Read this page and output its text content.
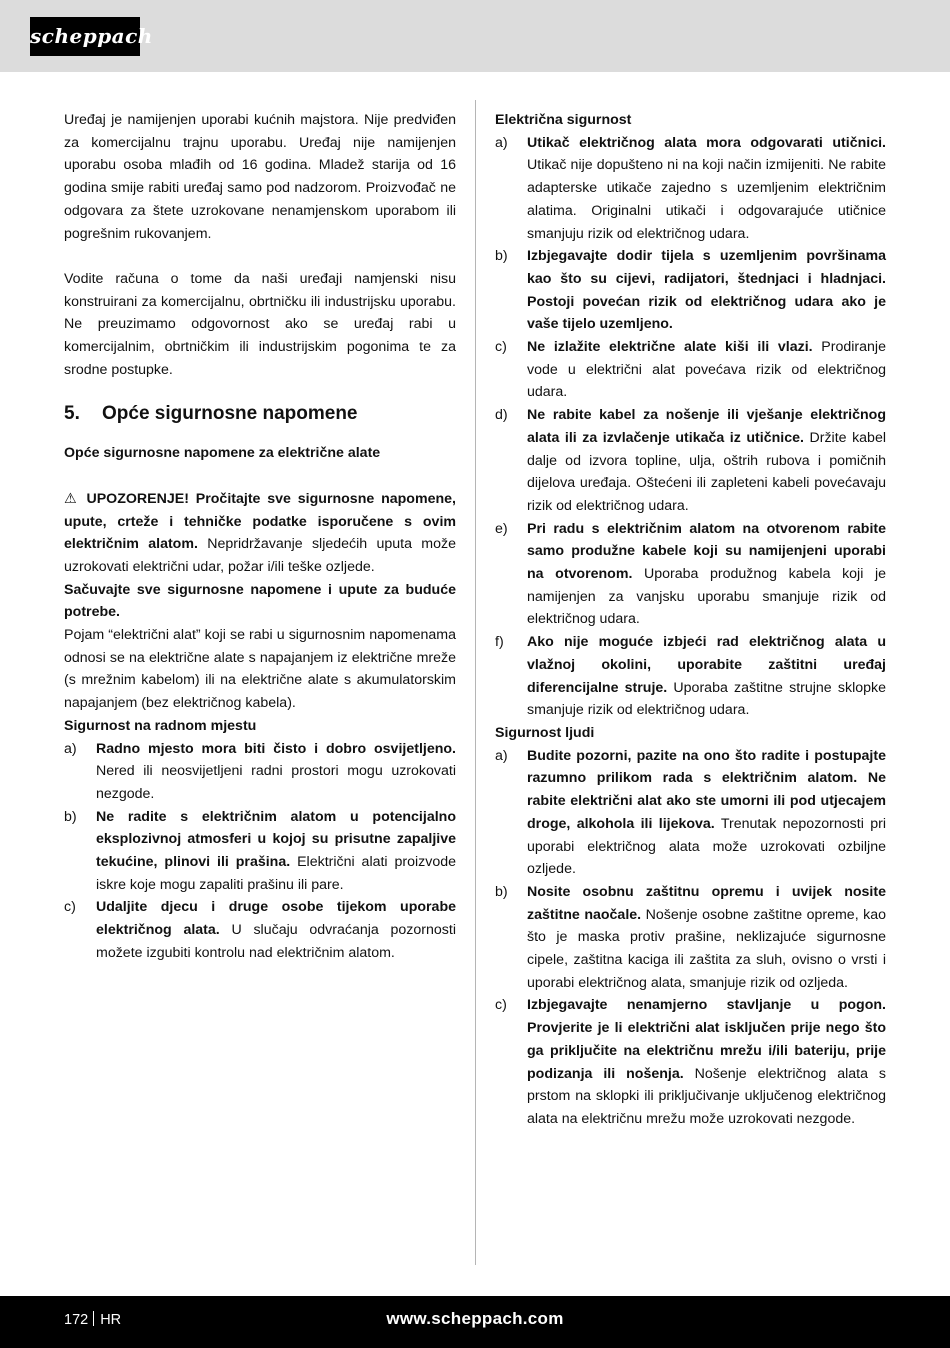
scheppach

Uređaj je namijenjen uporabi kućnih majstora. Nije predviđen za komercijalnu trajnu uporabu. Uređaj nije namijenjen uporabu osoba mlađih od 16 godina. Mladež starija od 16 godina smije rabiti uređaj samo pod nadzorom. Proizvođač ne odgovara za štete uzrokovane nenamjenskom uporabom ili pogrešnim rukovanjem.

Vodite računa o tome da naši uređaji namjenski nisu konstruirani za komercijalnu, obrtničku ili industrijsku uporabu. Ne preuzimamo odgovornost ako se uređaj rabi u komercijalnim, obrtničkim ili industrijskim pogonima te za srodne postupke.

5. Opće sigurnosne napomene

Opće sigurnosne napomene za električne alate

⚠ UPOZORENJE! Pročitajte sve sigurnosne napomene, upute, crteže i tehničke podatke isporučene s ovim električnim alatom. Nepridržavanje sljedećih uputa može uzrokovati električni udar, požar i/ili teške ozljede.

Sačuvajte sve sigurnosne napomene i upute za buduće potrebe.

Pojam “električni alat” koji se rabi u sigurnosnim napomenama odnosi se na električne alate s napajanjem iz električne mreže (s mrežnim kabelom) ili na električne alate s akumulatorskim napajanjem (bez električnog kabela).

Sigurnost na radnom mjestu

a) Radno mjesto mora biti čisto i dobro osvijetljeno. Nered ili neosvijetljeni radni prostori mogu uzrokovati nezgode.
b) Ne radite s električnim alatom u potencijalno eksplozivnoj atmosferi u kojoj su prisutne zapaljive tekućine, plinovi ili prašina. Električni alati proizvode iskre koje mogu zapaliti prašinu ili pare.
c) Udaljite djecu i druge osobe tijekom uporabe električnog alata. U slučaju odvraćanja pozornosti možete izgubiti kontrolu nad električnim alatom.

Električna sigurnost

a) Utikač električnog alata mora odgovarati utičnici. Utikač nije dopušteno ni na koji način izmijeniti. Ne rabite adapterske utikače zajedno s uzemljenim električnim alatima. Originalni utikači i odgovarajuće utičnice smanjuju rizik od električnog udara.
b) Izbjegavajte dodir tijela s uzemljenim površinama kao što su cijevi, radijatori, štednjaci i hladnjaci. Postoji povećan rizik od električnog udara ako je vaše tijelo uzemljeno.
c) Ne izlažite električne alate kiši ili vlazi. Prodiranje vode u električni alat povećava rizik od električnog udara.
d) Ne rabite kabel za nošenje ili vješanje električnog alata ili za izvlačenje utikača iz utičnice. Držite kabel dalje od izvora topline, ulja, oštrih rubova i pomičnih dijelova uređaja. Oštećeni ili zapleteni kabeli povećavaju rizik od električnog udara.
e) Pri radu s električnim alatom na otvorenom rabite samo produžne kabele koji su namijenjeni uporabi na otvorenom. Uporaba produžnog kabela koji je namijenjen za vanjsku uporabu smanjuje rizik od električnog udara.
f) Ako nije moguće izbjeći rad električnog alata u vlažnoj okolini, uporabite zaštitni uređaj diferencijalne struje. Uporaba zaštitne strujne sklopke smanjuje rizik od električnog udara.

Sigurnost ljudi

a) Budite pozorni, pazite na ono što radite i postupajte razumno prilikom rada s električnim alatom. Ne rabite električni alat ako ste umorni ili pod utjecajem droge, alkohola ili lijekova. Trenutak nepozornosti pri uporabi električnog alata može uzrokovati ozbiljne ozljede.
b) Nosite osobnu zaštitnu opremu i uvijek nosite zaštitne naočale. Nošenje osobne zaštitne opreme, kao što je maska protiv prašine, neklizajuće sigurnosne cipele, zaštitna kaciga ili zaštita za sluh, ovisno o vrsti i uporabi električnog alata, smanjuje rizik od ozljeda.
c) Izbjegavajte nenamjerno stavljanje u pogon. Provjerite je li električni alat isključen prije nego što ga priključite na električnu mrežu i/ili bateriju, prije podizanja ili nošenja. Nošenje električnog alata s prstom na sklopki ili priključivanje uključenog električnog alata na električnu mrežu može uzrokovati nezgode.
172 HR	www.scheppach.com
